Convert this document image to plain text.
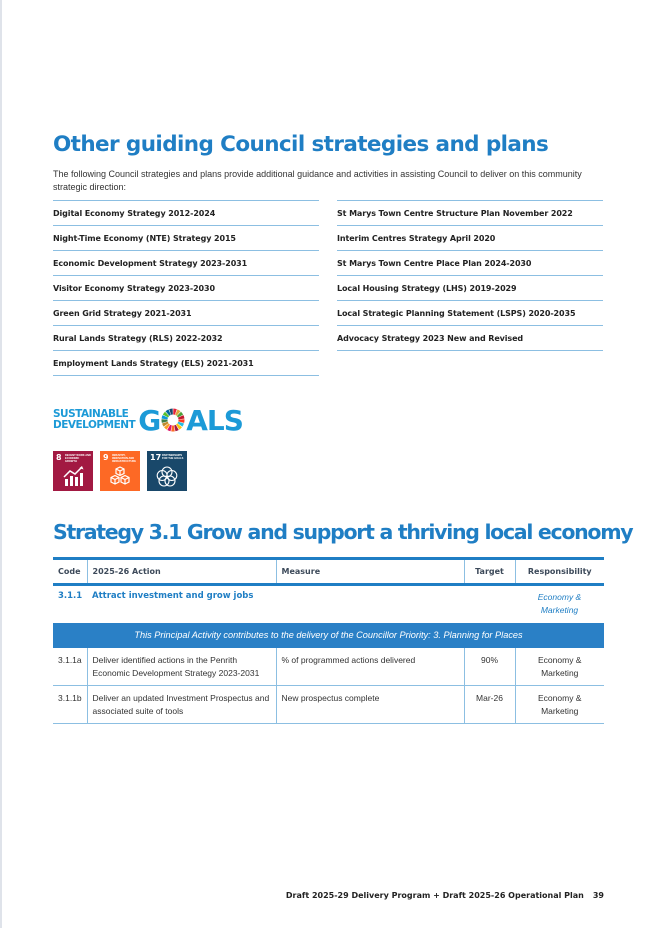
Other guiding Council strategies and plans

The following Council strategies and plans provide additional guidance and activities in assisting Council to deliver on this community strategic direction:

Digital Economy Strategy 2012-2024
Night-Time Economy (NTE) Strategy 2015
Economic Development Strategy 2023-2031
Visitor Economy Strategy 2023-2030
Green Grid Strategy 2021-2031
Rural Lands Strategy (RLS) 2022-2032
Employment Lands Strategy (ELS) 2021-2031
St Marys Town Centre Structure Plan November 2022
Interim Centres Strategy April 2020
St Marys Town Centre Place Plan 2024-2030
Local Housing Strategy (LHS) 2019-2029
Local Strategic Planning Statement (LSPS) 2020-2035
Advocacy Strategy 2023 New and Revised
SUSTAINABLE
DEVELOPMENT G ALS
8 DECENT WORK AND ECONOMIC GROWTH	9 INDUSTRY, INNOVATION AND INFRASTRUCTURE 17 PARTNERSHIPS FOR THE GOALS
Strategy 3.1 Grow and support a thriving local economy
Code	2025-26 Action	Measure	Target	Responsibility
3.1.1	Attract investment and grow jobs			Economy &
Marketing

This Principal Activity contributes to the delivery of the Councillor Priority: 3. Planning for Places				
3.1.1a	Deliver identified actions in the Penrith Economic Development Strategy 2023-2031	% of programmed actions delivered	90%	Economy & Marketing
3.1.1b	Deliver an updated Investment Prospectus and associated suite of tools	New prospectus complete	Mar-26	Economy & Marketing
Draft 2025-29 Delivery Program + Draft 2025-26 Operational Plan 39
